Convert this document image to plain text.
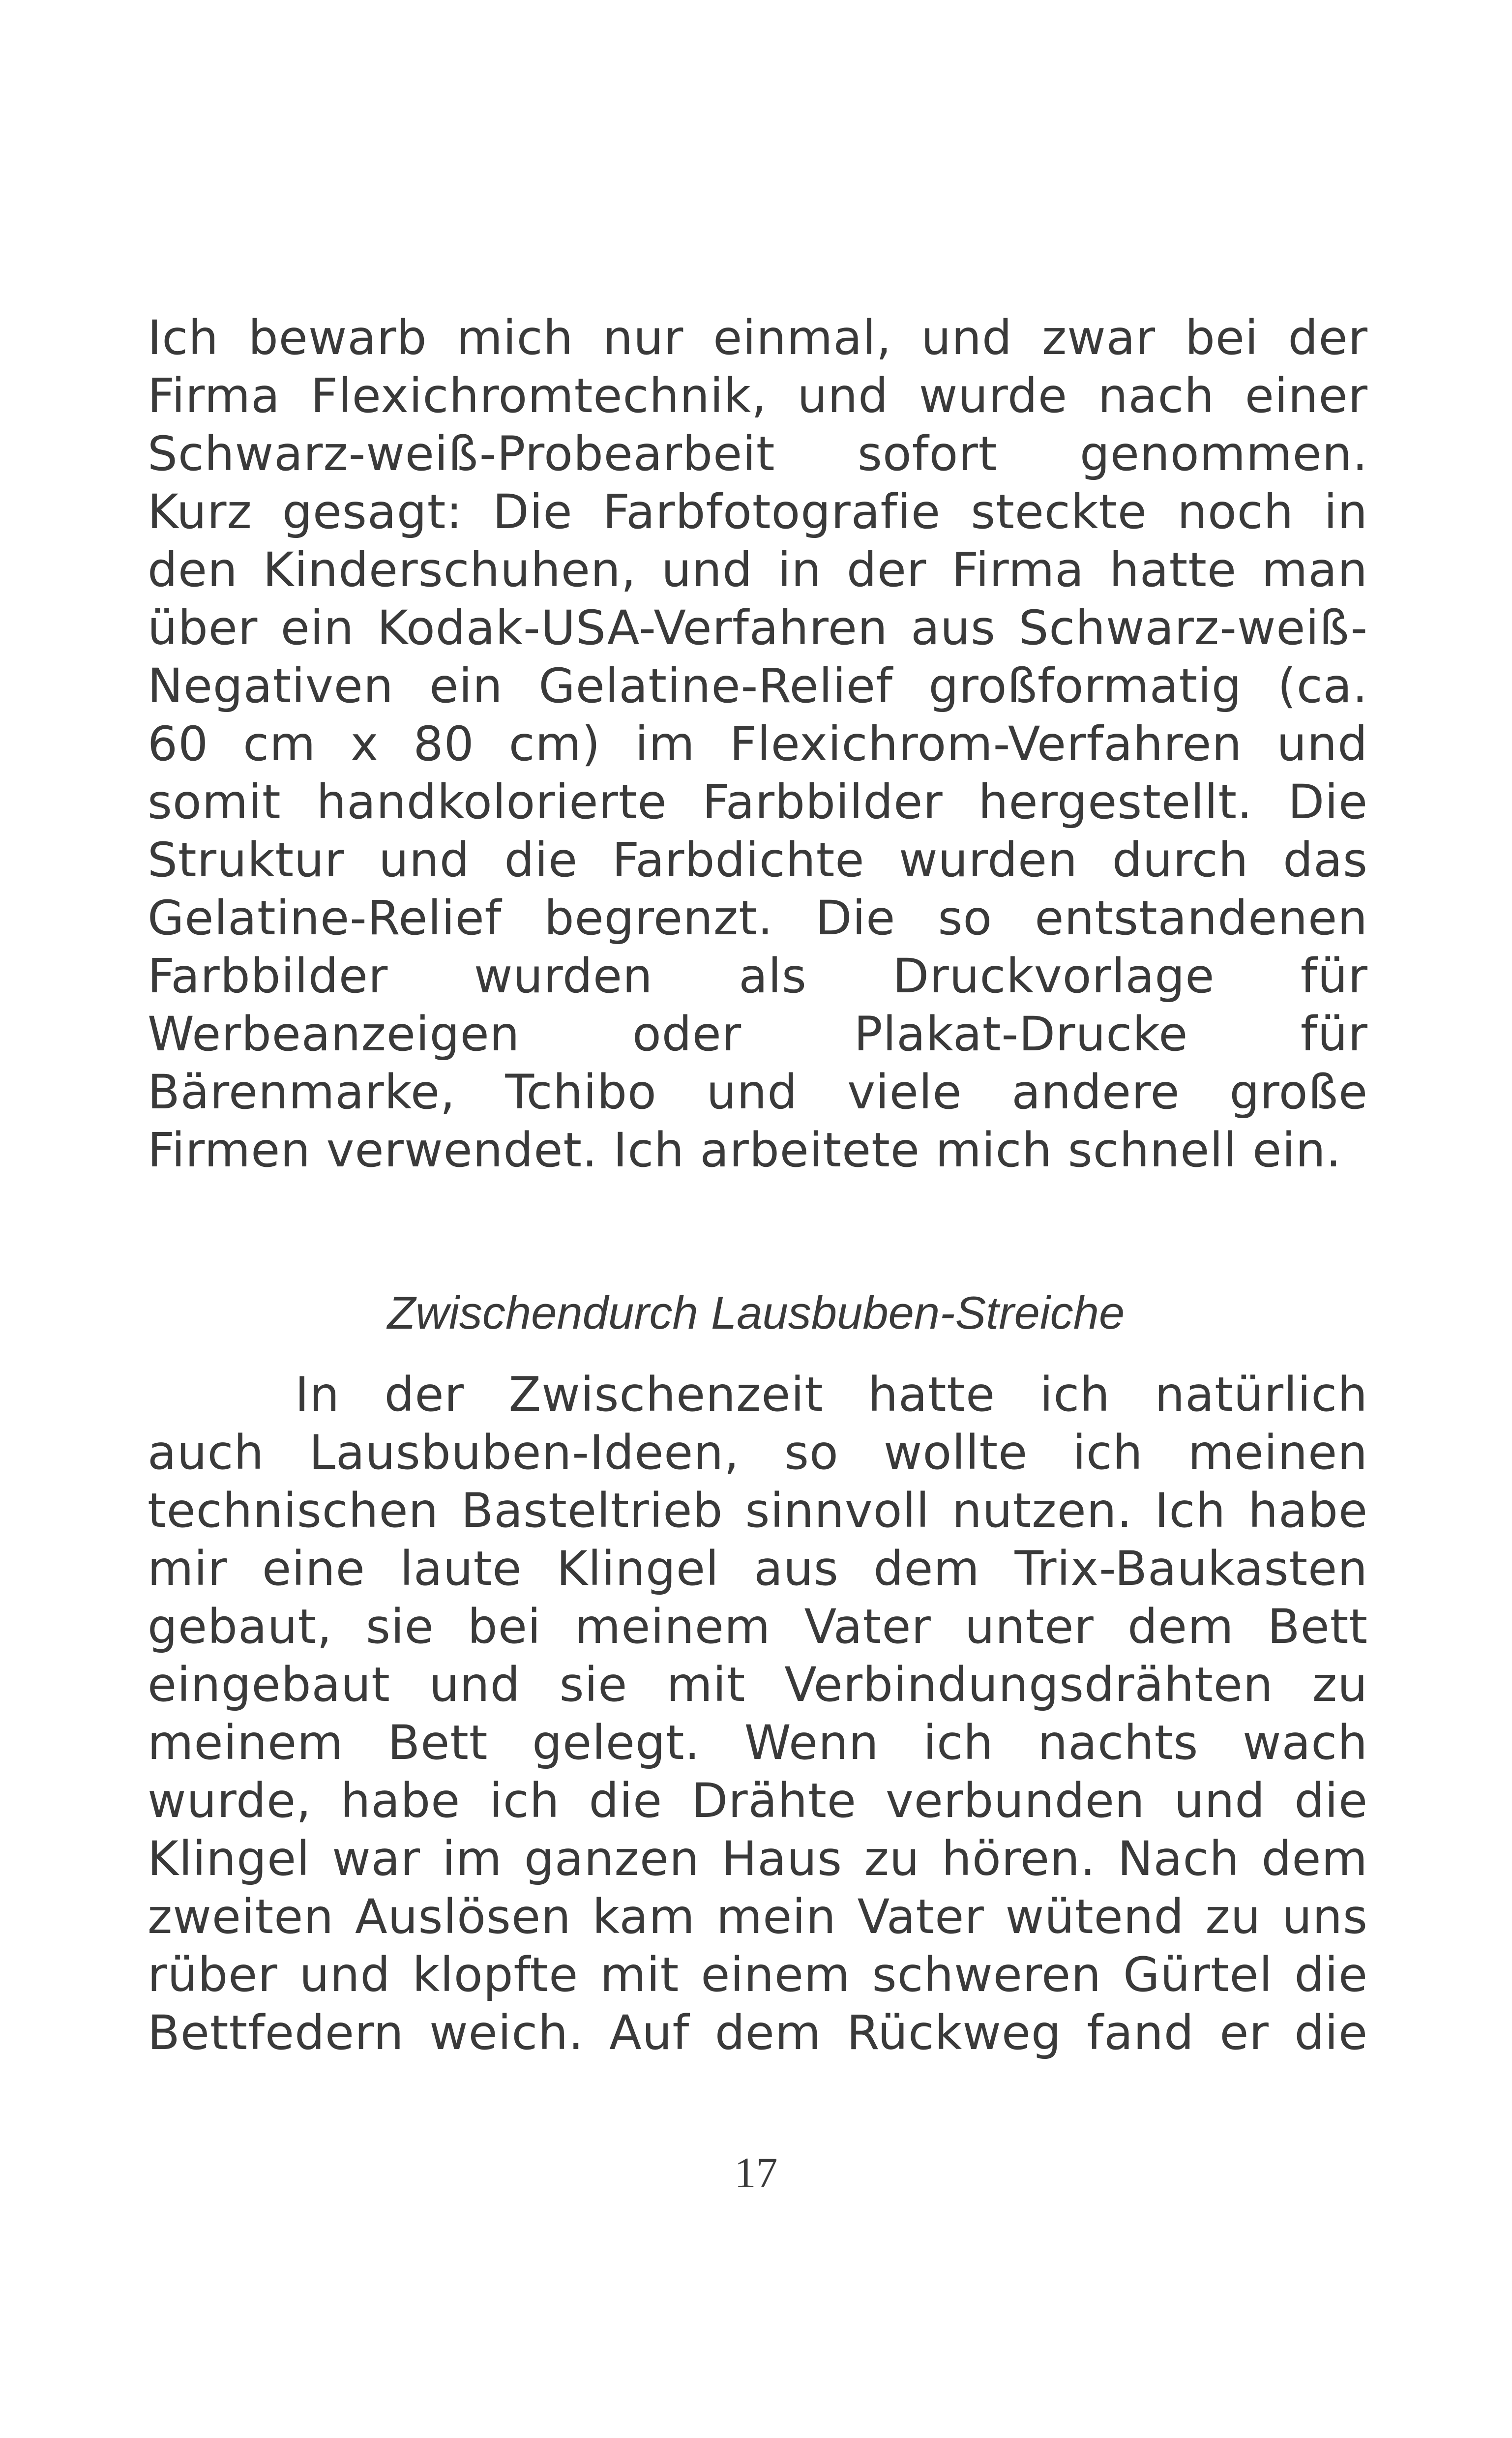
Ich bewarb mich nur einmal, und zwar bei der
Firma Flexichromtechnik, und wurde nach einer
Schwarz-weiß-Probearbeit sofort genommen.
Kurz gesagt: Die Farbfotografie steckte noch in
den Kinderschuhen, und in der Firma hatte man
über ein Kodak-USA-Verfahren aus Schwarz-weiß-
Negativen ein Gelatine-Relief großformatig (ca.
60 cm x 80 cm) im Flexichrom-Verfahren und
somit handkolorierte Farbbilder hergestellt. Die
Struktur und die Farbdichte wurden durch das
Gelatine-Relief begrenzt. Die so entstandenen
Farbbilder wurden als Druckvorlage für
Werbeanzeigen oder Plakat-Drucke für
Bärenmarke, Tchibo und viele andere große
Firmen verwendet. Ich arbeitete mich schnell ein.
Zwischendurch Lausbuben-Streiche
In der Zwischenzeit hatte ich natürlich
auch Lausbuben-Ideen, so wollte ich meinen
technischen Basteltrieb sinnvoll nutzen. Ich habe
mir eine laute Klingel aus dem Trix-Baukasten
gebaut, sie bei meinem Vater unter dem Bett
eingebaut und sie mit Verbindungsdrähten zu
meinem Bett gelegt. Wenn ich nachts wach
wurde, habe ich die Drähte verbunden und die
Klingel war im ganzen Haus zu hören. Nach dem
zweiten Auslösen kam mein Vater wütend zu uns
rüber und klopfte mit einem schweren Gürtel die
Bettfedern weich. Auf dem Rückweg fand er die
17
